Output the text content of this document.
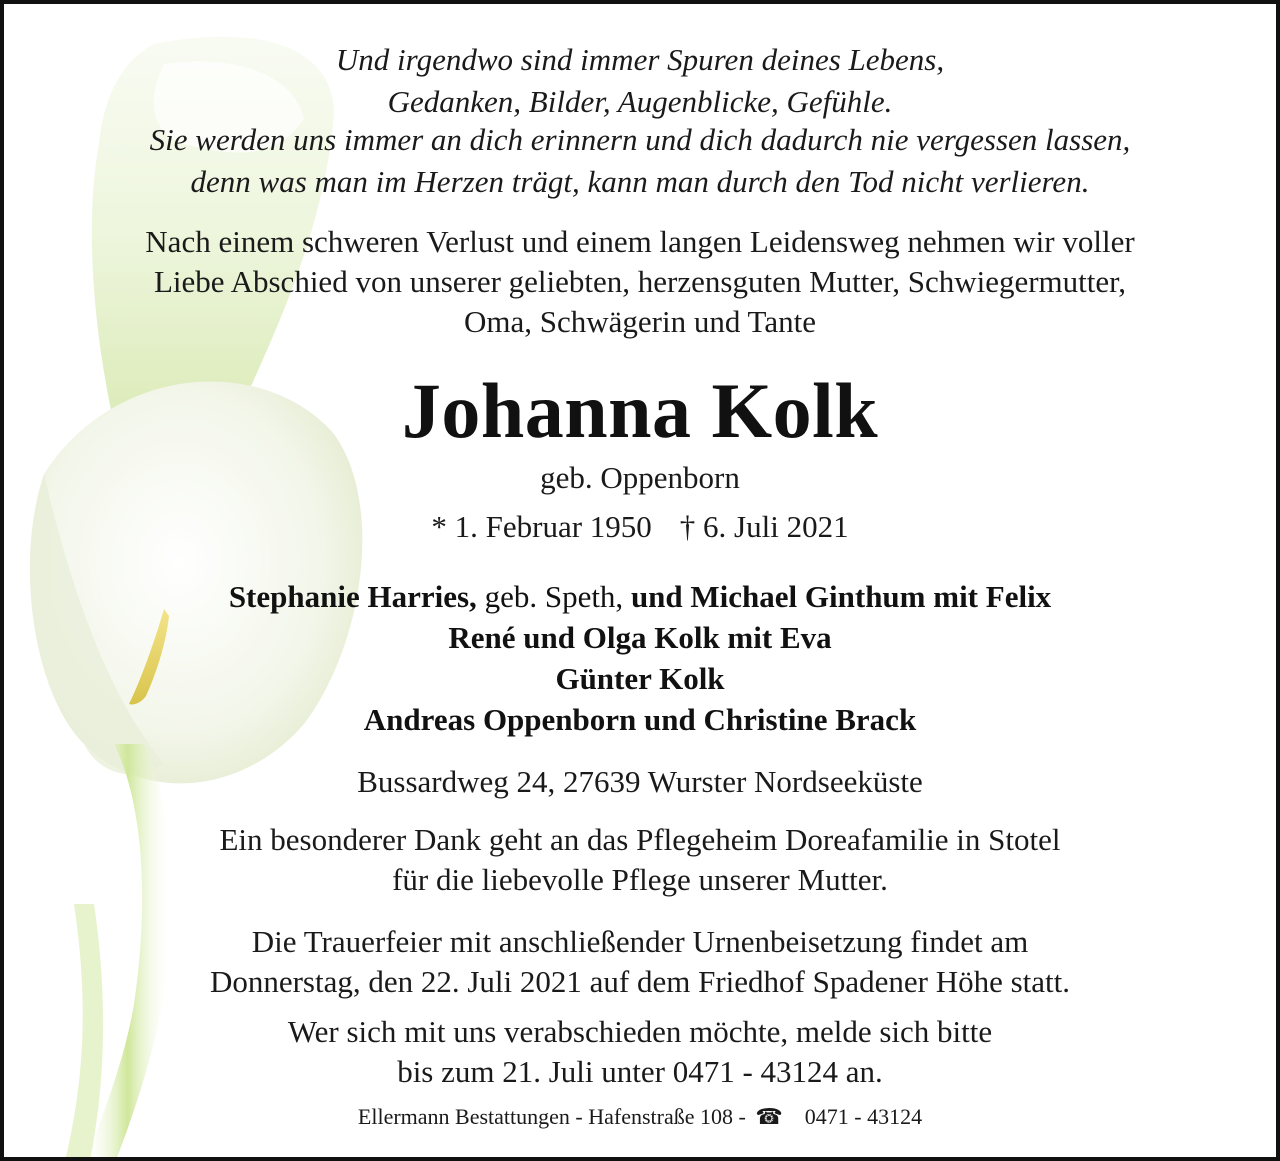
Und irgendwo sind immer Spuren deines Lebens,
Gedanken, Bilder, Augenblicke, Gefühle.
Sie werden uns immer an dich erinnern und dich dadurch nie vergessen lassen,
denn was man im Herzen trägt, kann man durch den Tod nicht verlieren.
Nach einem schweren Verlust und einem langen Leidensweg nehmen wir voller
Liebe Abschied von unserer geliebten, herzensguten Mutter, Schwiegermutter,
Oma, Schwägerin und Tante
Johanna Kolk
geb. Oppenborn
* 1. Februar 1950 † 6. Juli 2021
Stephanie Harries, geb. Speth, und Michael Ginthum mit Felix
René und Olga Kolk mit Eva
Günter Kolk
Andreas Oppenborn und Christine Brack
Bussardweg 24, 27639 Wurster Nordseeküste
Ein besonderer Dank geht an das Pflegeheim Doreafamilie in Stotel
für die liebevolle Pflege unserer Mutter.
Die Trauerfeier mit anschließender Urnenbeisetzung findet am
Donnerstag, den 22. Juli 2021 auf dem Friedhof Spadener Höhe statt.
Wer sich mit uns verabschieden möchte, melde sich bitte
bis zum 21. Juli unter 0471 - 43124 an.
Ellermann Bestattungen - Hafenstraße 108 - ☎ 0471 - 43124
